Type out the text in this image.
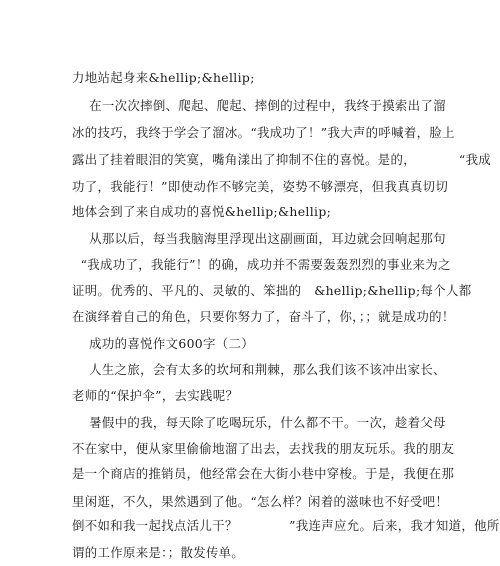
力地站起身来&hellip;&hellip;
在一次次摔倒、爬起、爬起、摔倒的过程中，我终于摸索出了溜
冰的技巧，我终于学会了溜冰。“我成功了！”我大声的呼喊着，脸上
露出了挂着眼泪的笑寞，嘴角漾出了抑制不住的喜悦。是的，          “我成
功了，我能行！”即使动作不够完美，姿势不够漂亮，但我真真切切
地体会到了来自成功的喜悦&hellip;&hellip;
从那以后，每当我脑海里浮现出这副画面，耳边就会回响起那句
“我成功了，我能行”！的确，成功并不需要轰轰烈烈的事业来为之
证明。优秀的、平凡的、灵敏的、笨拙的   &hellip;&hellip;每个人都
在演绎着自己的角色，只要你努力了，奋斗了，你，；；就是成功的！
成功的喜悦作文600字（二）
人生之旅，会有太多的坎坷和荆棘，那么我们该不该冲出家长、
老师的“保护伞”，去实践呢？
暑假中的我，每天除了吃喝玩乐，什么都不干。一次，趁着父母
不在家中，便从家里偷偷地溜了出去，去找我的朋友玩乐。我的朋友
是一个商店的推销员，他经常会在大街小巷中穿梭。于是，我便在那
里闲逛，不久，果然遇到了他。“怎么样？闲着的滋味也不好受吧！
倒不如和我一起找点活儿干？            ”我连声应允。后来，我才知道，他所
谓的工作原来是：；散发传单。
